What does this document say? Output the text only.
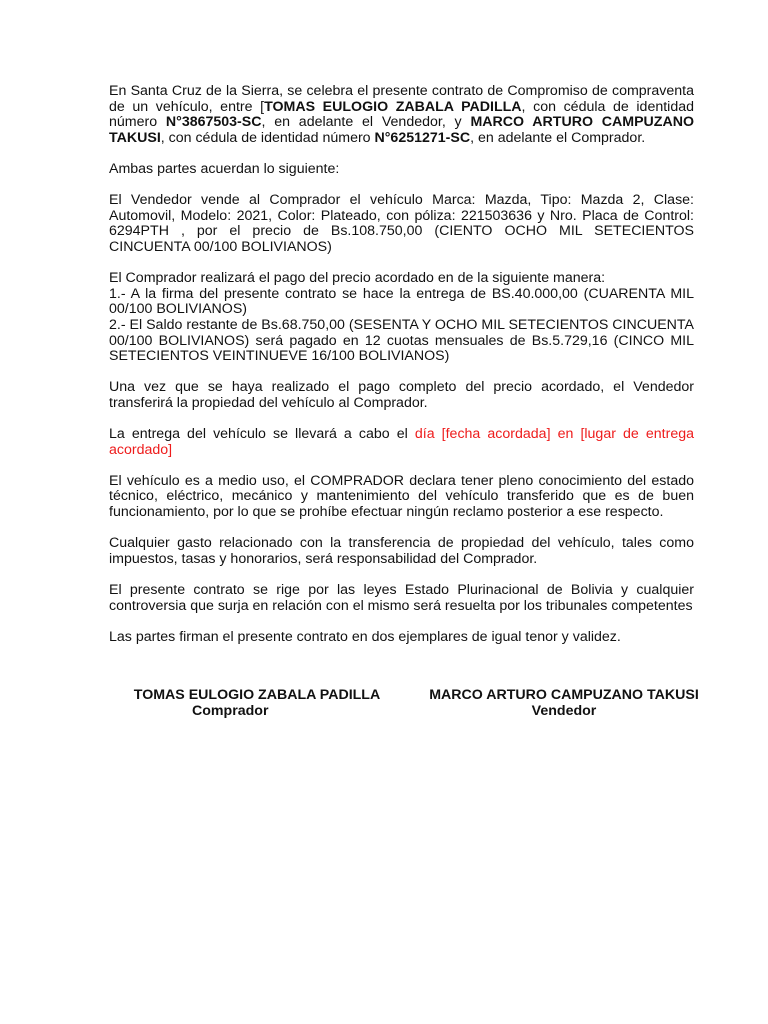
En Santa Cruz de la Sierra, se celebra el presente contrato de Compromiso de compraventa de un vehículo, entre [TOMAS EULOGIO ZABALA PADILLA, con cédula de identidad número N°3867503-SC, en adelante el Vendedor, y MARCO ARTURO CAMPUZANO TAKUSI, con cédula de identidad número N°6251271-SC, en adelante el Comprador.

Ambas partes acuerdan lo siguiente:

El Vendedor vende al Comprador el vehículo Marca: Mazda, Tipo: Mazda 2, Clase: Automovil, Modelo: 2021, Color: Plateado, con póliza: 221503636 y Nro. Placa de Control: 6294PTH , por el precio de Bs.108.750,00 (CIENTO OCHO MIL SETECIENTOS CINCUENTA 00/100 BOLIVIANOS)

El Comprador realizará el pago del precio acordado en de la siguiente manera:

1.- A la firma del presente contrato se hace la entrega de BS.40.000,00 (CUARENTA MIL 00/100 BOLIVIANOS)

2.- El Saldo restante de Bs.68.750,00 (SESENTA Y OCHO MIL SETECIENTOS CINCUENTA 00/100 BOLIVIANOS) será pagado en 12 cuotas mensuales de Bs.5.729,16 (CINCO MIL SETECIENTOS VEINTINUEVE 16/100 BOLIVIANOS)

Una vez que se haya realizado el pago completo del precio acordado, el Vendedor transferirá la propiedad del vehículo al Comprador.

La entrega del vehículo se llevará a cabo el día [fecha acordada] en [lugar de entrega acordado]

El vehículo es a medio uso, el COMPRADOR declara tener pleno conocimiento del estado técnico, eléctrico, mecánico y mantenimiento del vehículo transferido que es de buen funcionamiento, por lo que se prohíbe efectuar ningún reclamo posterior a ese respecto.

Cualquier gasto relacionado con la transferencia de propiedad del vehículo, tales como impuestos, tasas y honorarios, será responsabilidad del Comprador.

El presente contrato se rige por las leyes Estado Plurinacional de Bolivia y cualquier controversia que surja en relación con el mismo será resuelta por los tribunales competentes

Las partes firman el presente contrato en dos ejemplares de igual tenor y validez.

TOMAS EULOGIO ZABALA PADILLA
Comprador
MARCO ARTURO CAMPUZANO TAKUSI
Vendedor
